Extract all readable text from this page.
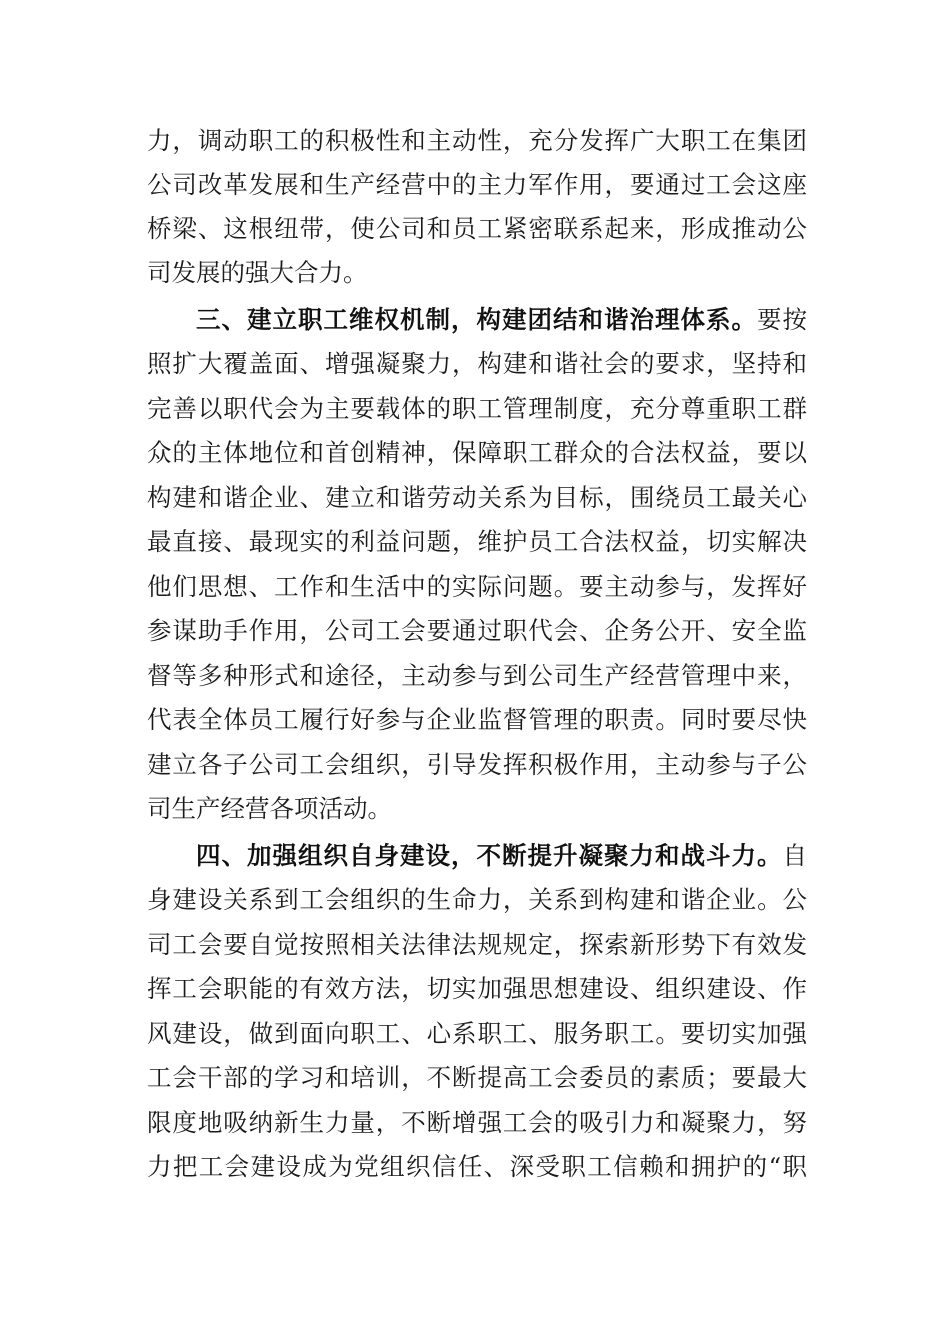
力，调动职工的积极性和主动性，充分发挥广大职工在集团
公司改革发展和生产经营中的主力军作用，要通过工会这座
桥梁、这根纽带，使公司和员工紧密联系起来，形成推动公
司发展的强大合力。
三、建立职工维权机制，构建团结和谐治理体系。要按
照扩大覆盖面、增强凝聚力，构建和谐社会的要求，坚持和
完善以职代会为主要载体的职工管理制度，充分尊重职工群
众的主体地位和首创精神，保障职工群众的合法权益，要以
构建和谐企业、建立和谐劳动关系为目标，围绕员工最关心
最直接、最现实的利益问题，维护员工合法权益，切实解决
他们思想、工作和生活中的实际问题。要主动参与，发挥好
参谋助手作用，公司工会要通过职代会、企务公开、安全监
督等多种形式和途径，主动参与到公司生产经营管理中来，
代表全体员工履行好参与企业监督管理的职责。同时要尽快
建立各子公司工会组织，引导发挥积极作用，主动参与子公
司生产经营各项活动。
四、加强组织自身建设，不断提升凝聚力和战斗力。自
身建设关系到工会组织的生命力，关系到构建和谐企业。公
司工会要自觉按照相关法律法规规定，探索新形势下有效发
挥工会职能的有效方法，切实加强思想建设、组织建设、作
风建设，做到面向职工、心系职工、服务职工。要切实加强
工会干部的学习和培训，不断提高工会委员的素质；要最大
限度地吸纳新生力量，不断增强工会的吸引力和凝聚力，努
力把工会建设成为党组织信任、深受职工信赖和拥护的“职
